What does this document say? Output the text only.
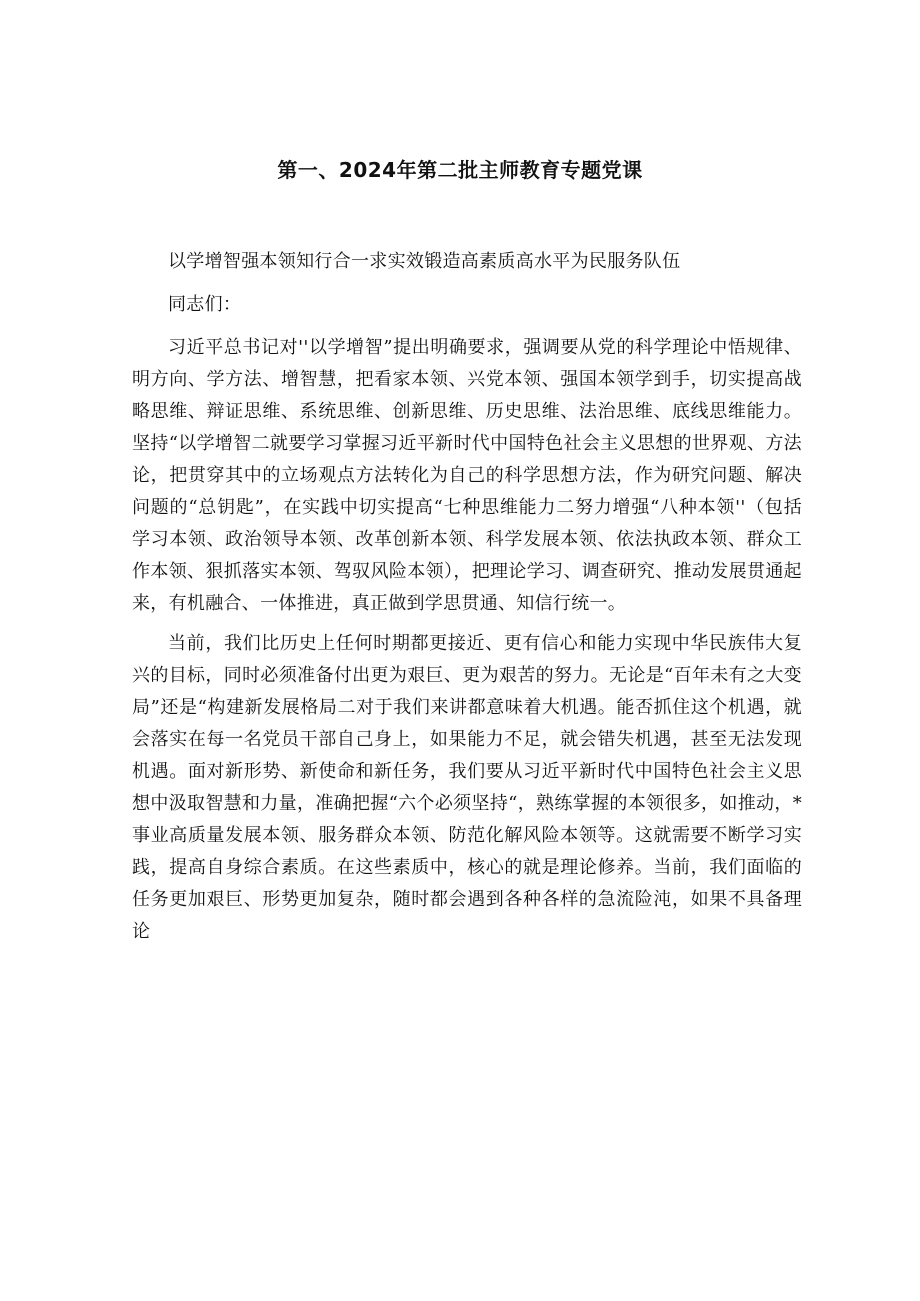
第一、2024年第二批主师教育专题党课

以学增智强本领知行合一求实效锻造高素质高水平为民服务队伍

同志们：

习近平总书记对''以学增智”提出明确要求，强调要从党的科学理论中悟规律、明方向、学方法、增智慧，把看家本领、兴党本领、强国本领学到手，切实提高战略思维、辩证思维、系统思维、创新思维、历史思维、法治思维、底线思维能力。坚持“以学增智二就要学习掌握习近平新时代中国特色社会主义思想的世界观、方法论，把贯穿其中的立场观点方法转化为自己的科学思想方法，作为研究问题、解决问题的“总钥匙”，在实践中切实提高“七种思维能力二努力增强“八种本领''（包括学习本领、政治领导本领、改革创新本领、科学发展本领、依法执政本领、群众工作本领、狠抓落实本领、驾驭风险本领），把理论学习、调查研究、推动发展贯通起来，有机融合、一体推进，真正做到学思贯通、知信行统一。

当前，我们比历史上任何时期都更接近、更有信心和能力实现中华民族伟大复兴的目标，同时必须准备付出更为艰巨、更为艰苦的努力。无论是“百年未有之大变局”还是“构建新发展格局二对于我们来讲都意味着大机遇。能否抓住这个机遇，就会落实在每一名党员干部自己身上，如果能力不足，就会错失机遇，甚至无法发现机遇。面对新形势、新使命和新任务，我们要从习近平新时代中国特色社会主义思想中汲取智慧和力量，准确把握“六个必须坚持“，熟练掌握的本领很多，如推动，*事业高质量发展本领、服务群众本领、防范化解风险本领等。这就需要不断学习实践，提高自身综合素质。在这些素质中，核心的就是理论修养。当前，我们面临的任务更加艰巨、形势更加复杂，随时都会遇到各种各样的急流险沌，如果不具备理论
